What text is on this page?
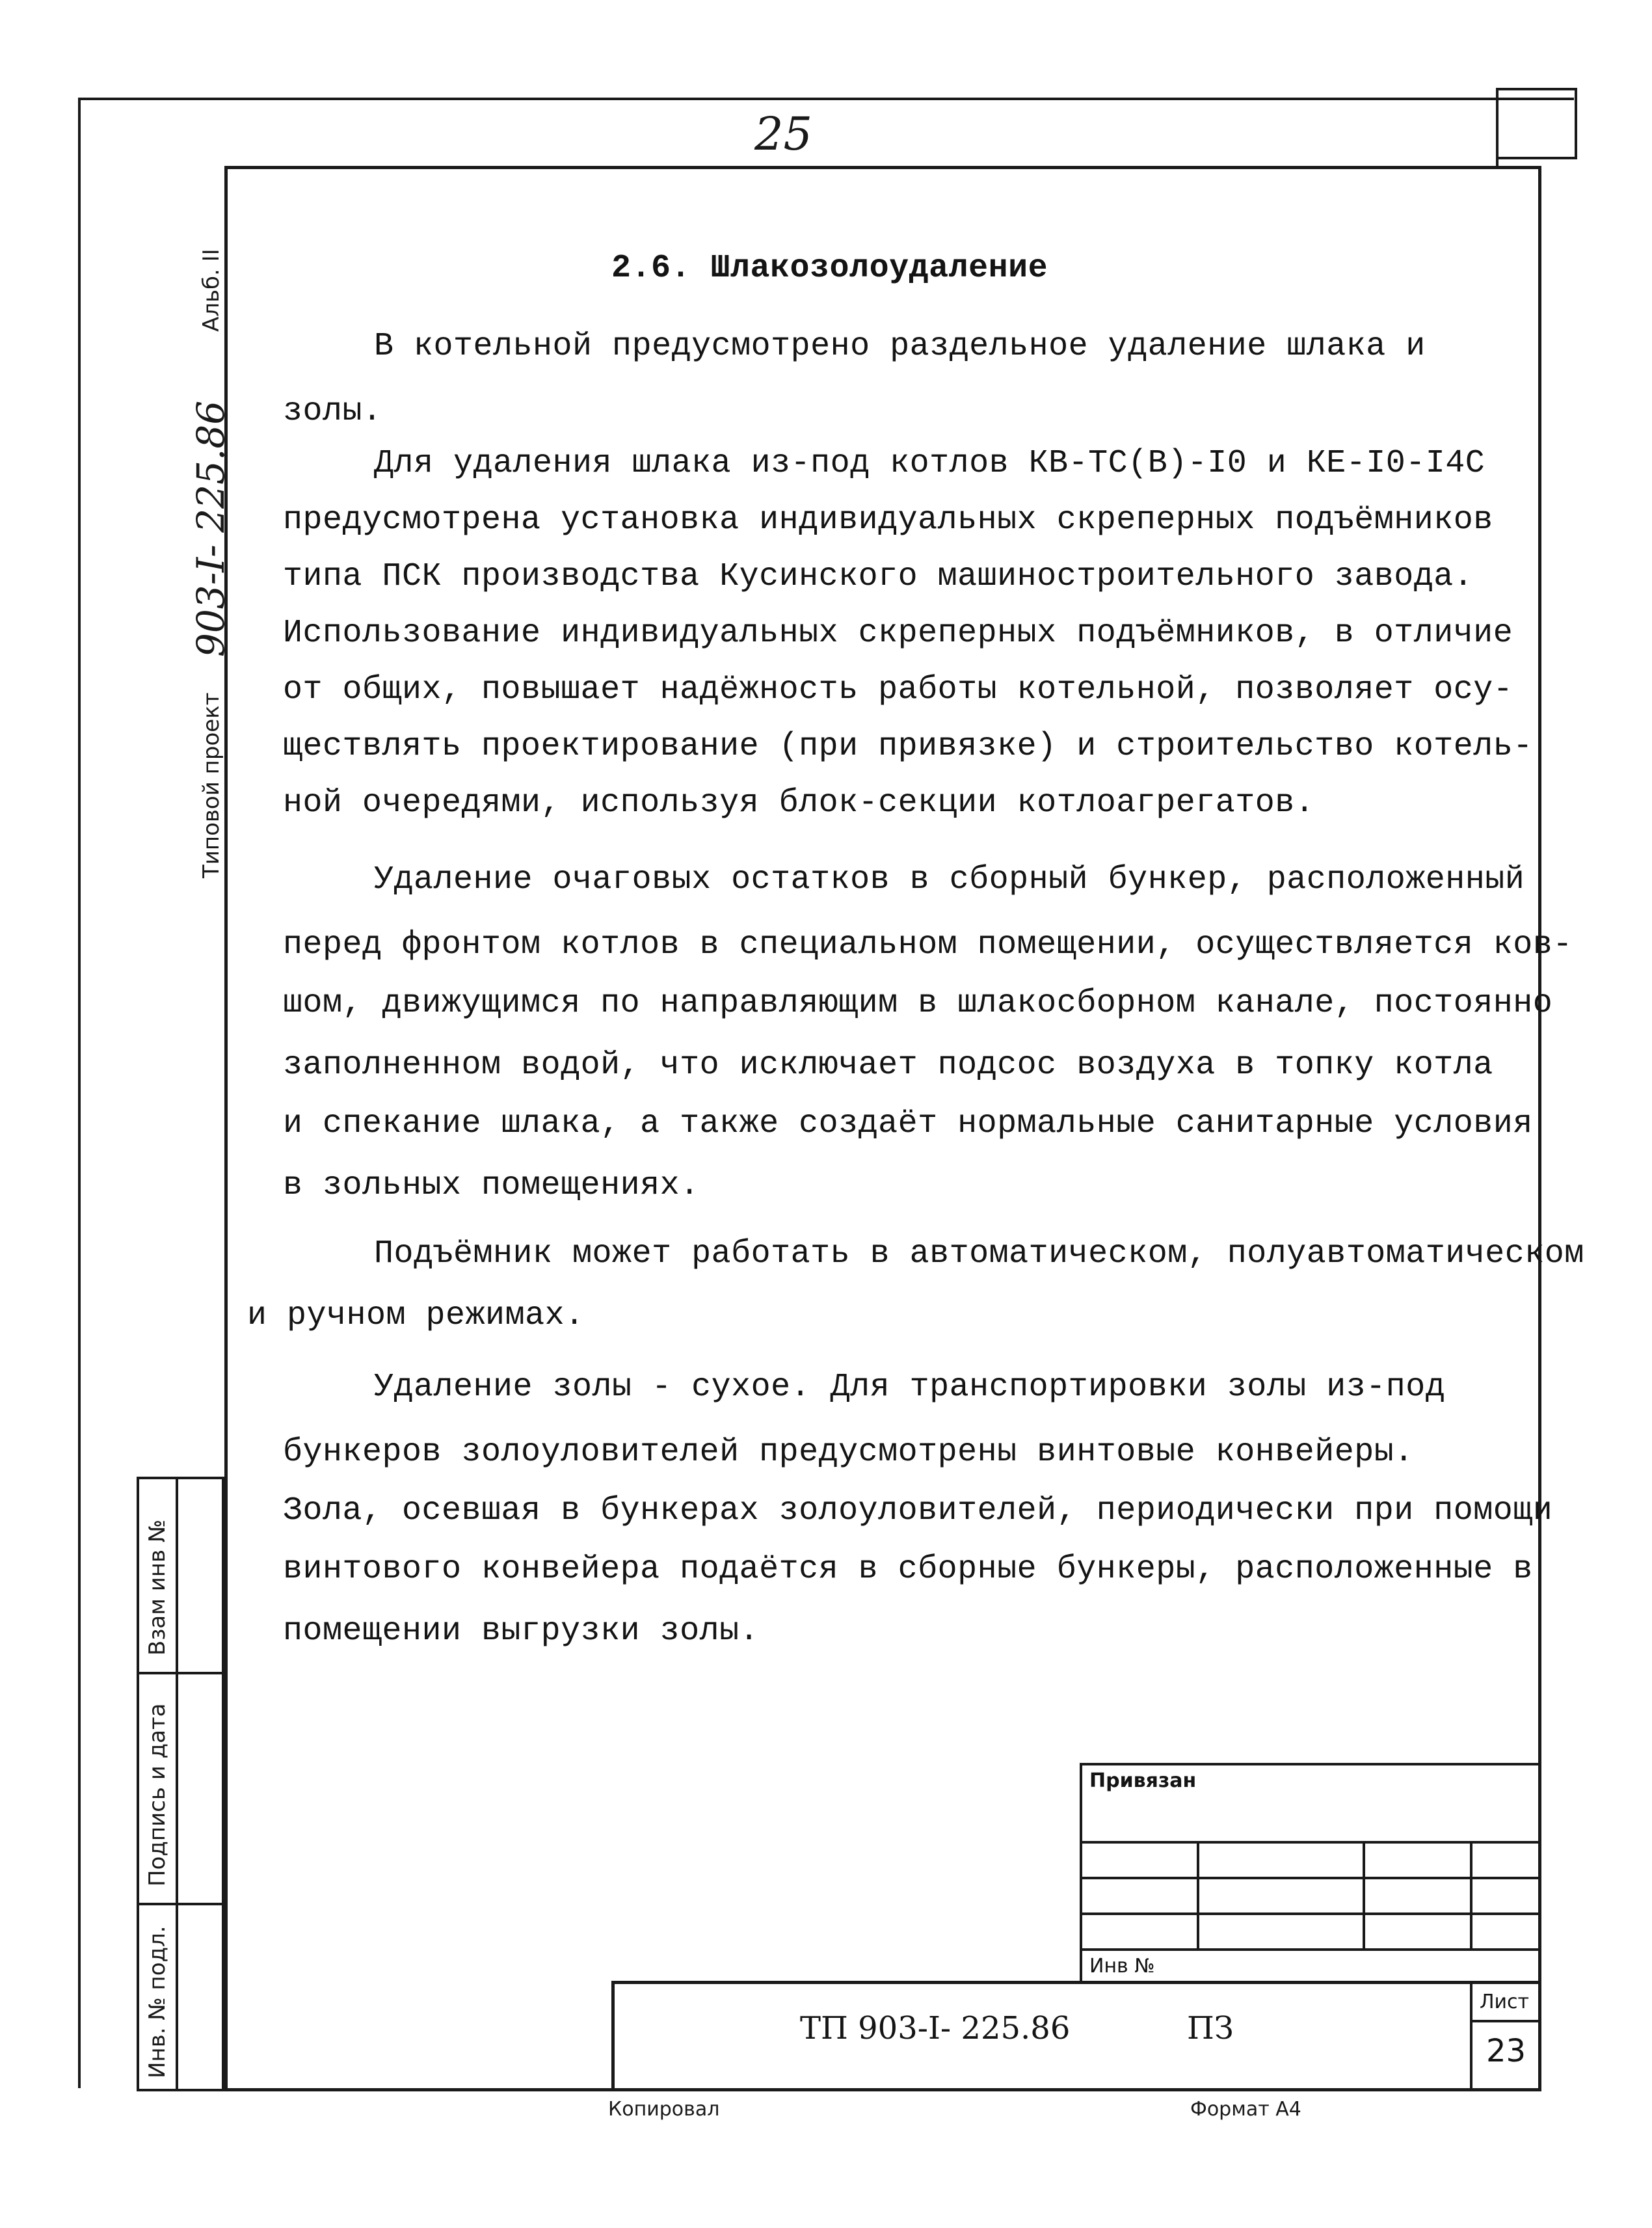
25
Типовой проект
903-I- 225.86
Альб. II
Взам инв №
Подпись и дата
Инв. № подл.
2.6. Шлакозолоудаление
В котельной предусмотрено раздельное удаление шлака и
золы.
Для удаления шлака из-под котлов КВ-ТС(В)-I0 и КЕ-I0-I4С
предусмотрена установка индивидуальных скреперных подъёмников
типа ПСК производства Кусинского машиностроительного завода.
Использование индивидуальных скреперных подъёмников, в отличие
от общих, повышает надёжность работы котельной, позволяет осу-
ществлять проектирование (при привязке) и строительство котель-
ной очередями, используя блок-секции котлоагрегатов.
Удаление очаговых остатков в сборный бункер, расположенный
перед фронтом котлов в специальном помещении, осуществляется ков-
шом, движущимся по направляющим в шлакосборном канале, постоянно
заполненном водой, что исключает подсос воздуха в топку котла
и спекание шлака, а также создаёт нормальные санитарные условия
в зольных помещениях.
Подъёмник может работать в автоматическом, полуавтоматическом
и ручном режимах.
Удаление золы - сухое. Для транспортировки золы из-под
бункеров золоуловителей предусмотрены винтовые конвейеры.
Зола, осевшая в бункерах золоуловителей, периодически при помощи
винтового конвейера подаётся в сборные бункеры, расположенные в
помещении выгрузки золы.
Привязан
Инв №
ТП 903-I- 225.86	ПЗ
Лист
23
Копировал	Формат А4
